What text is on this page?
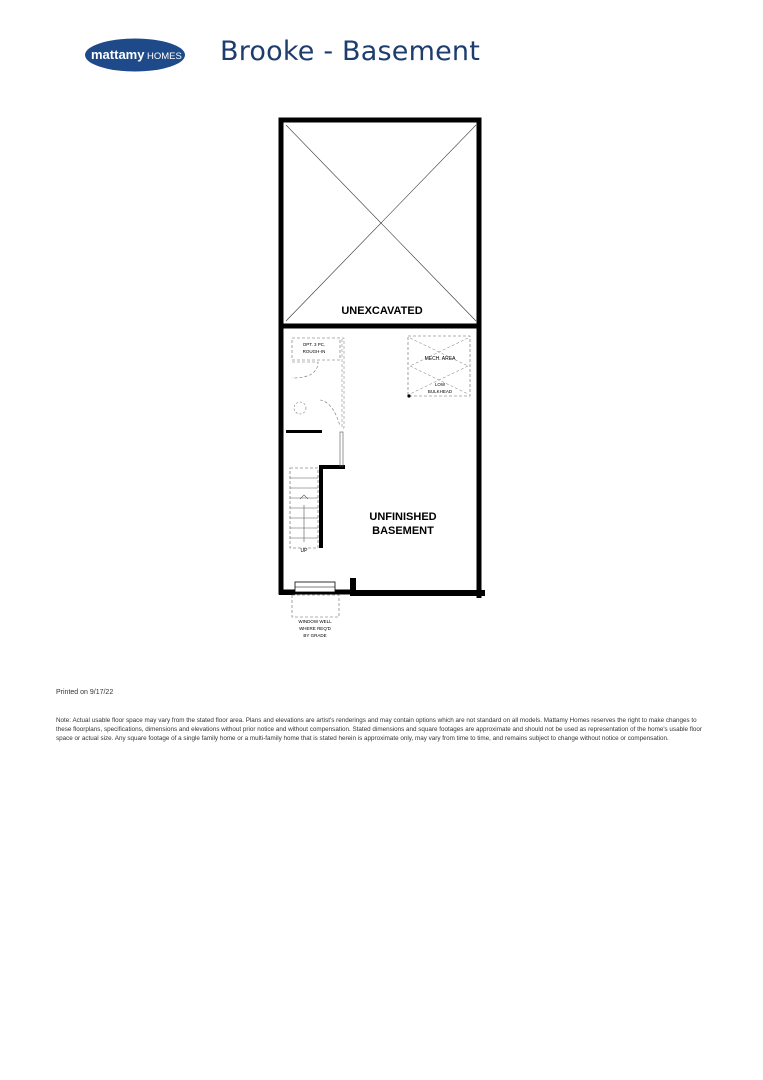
mattamy HOMES Brooke - Basement
UNEXCAVATED
OPT. 3 PC.
ROUGH-IN
MECH. AREA
LOW
BULKHEAD
UP
UNFINISHED
BASEMENT
WINDOW WELL
WHERE REQ'D
BY GRADE
Printed on 9/17/22
Note: Actual usable floor space may vary from the stated floor area. Plans and elevations are artist's renderings and may contain options which are not standard on all models. Mattamy Homes reserves the right to make changes to these floorplans, specifications, dimensions and elevations without prior notice and without compensation. Stated dimensions and square footages are approximate and should not be used as representation of the home's usable floor space or actual size. Any square footage of a single family home or a multi-family home that is stated herein is approximate only, may vary from time to time, and remains subject to change without notice or compensation.
